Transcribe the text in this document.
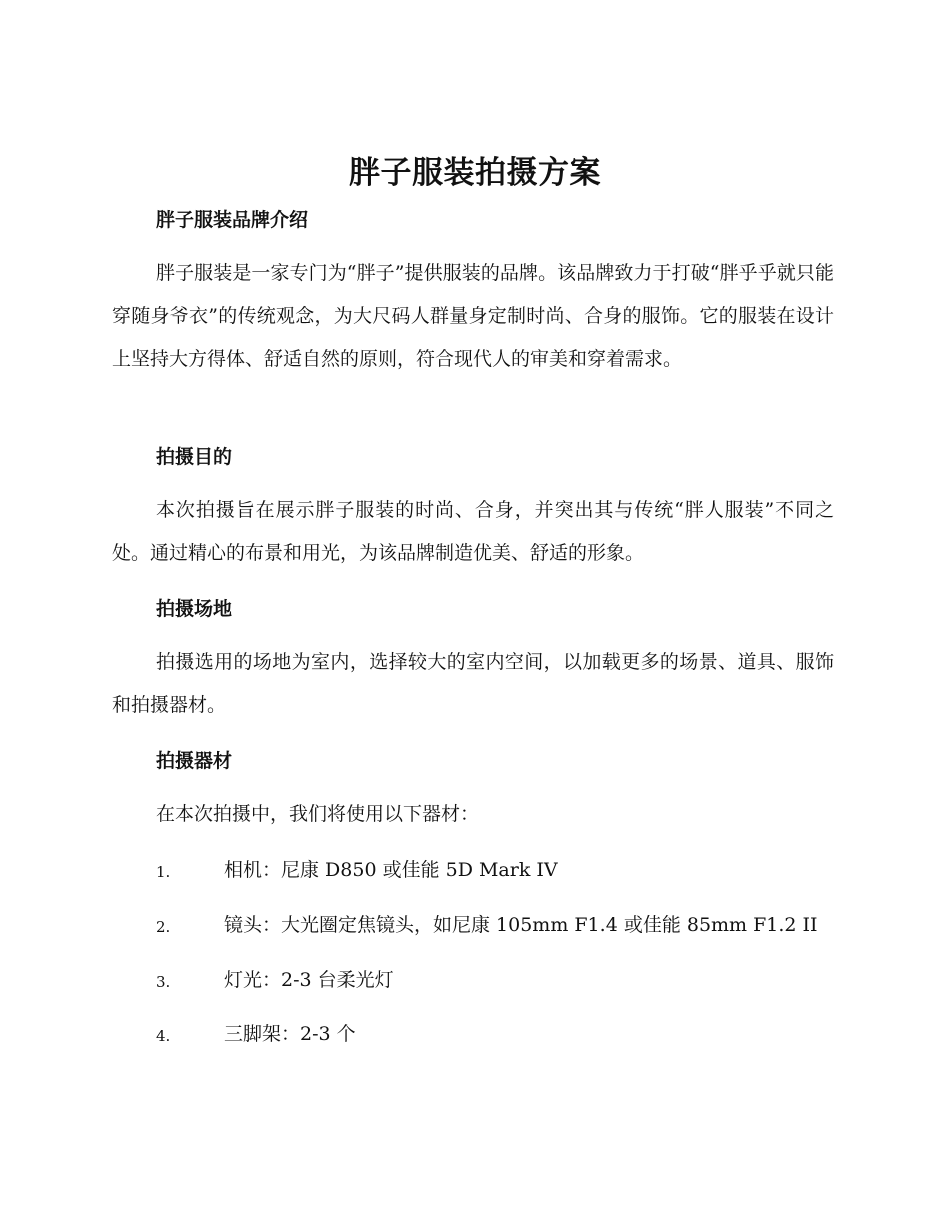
胖子服装拍摄方案
胖子服装品牌介绍

胖子服装是一家专门为“胖子”提供服装的品牌。该品牌致力于打破“胖乎乎就只能穿随身爷衣”的传统观念，为大尺码人群量身定制时尚、合身的服饰。它的服装在设计上坚持大方得体、舒适自然的原则，符合现代人的审美和穿着需求。

拍摄目的

本次拍摄旨在展示胖子服装的时尚、合身，并突出其与传统“胖人服装”不同之处。通过精心的布景和用光，为该品牌制造优美、舒适的形象。

拍摄场地

拍摄选用的场地为室内，选择较大的室内空间，以加载更多的场景、道具、服饰和拍摄器材。

拍摄器材

在本次拍摄中，我们将使用以下器材：

1.	相机：尼康 D850 或佳能 5D Mark IV
2.	镜头：大光圈定焦镜头，如尼康 105mm F1.4 或佳能 85mm F1.2 II
3.	灯光：2-3 台柔光灯
4.	三脚架：2-3 个
